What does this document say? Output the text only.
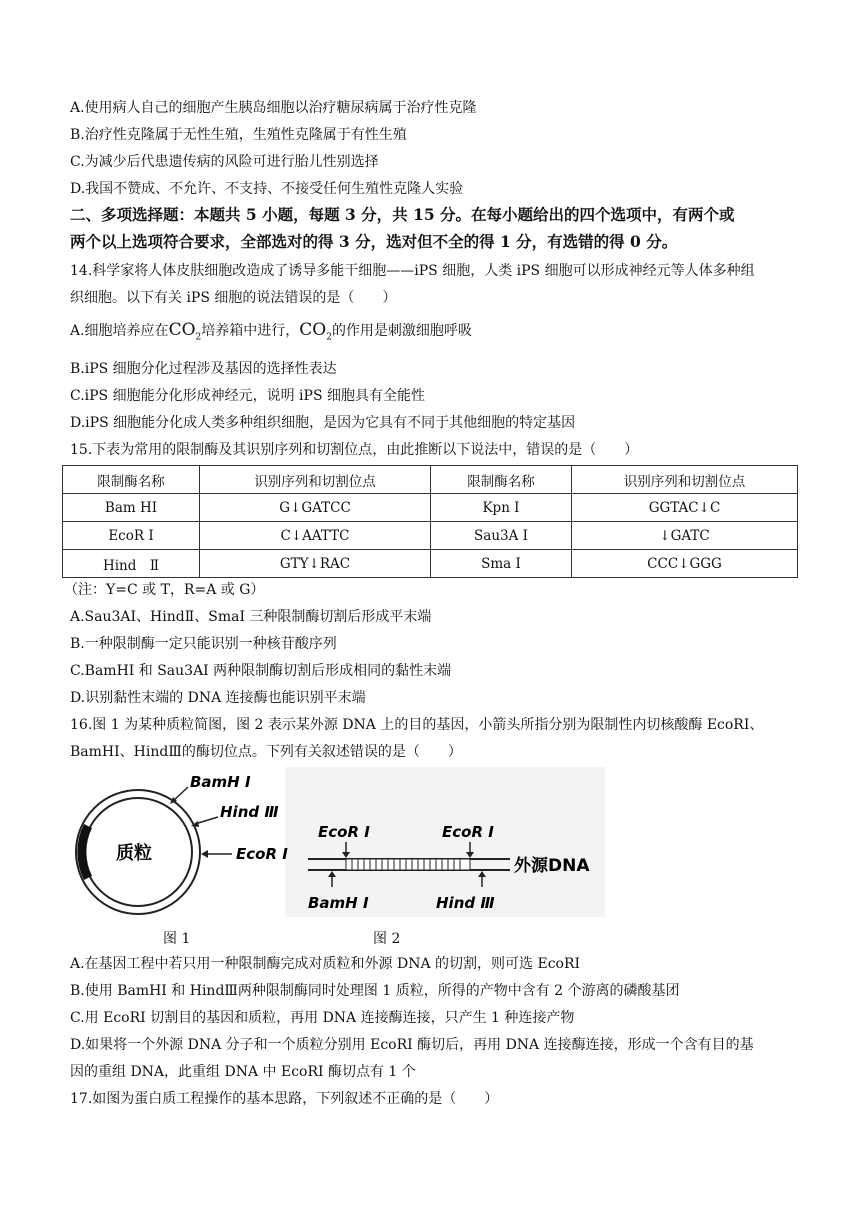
A.使用病人自己的细胞产生胰岛细胞以治疗糖尿病属于治疗性克隆
B.治疗性克隆属于无性生殖，生殖性克隆属于有性生殖
C.为减少后代患遗传病的风险可进行胎儿性别选择
D.我国不赞成、不允许、不支持、不接受任何生殖性克隆人实验
二、多项选择题：本题共 5 小题，每题 3 分，共 15 分。在每小题给出的四个选项中，有两个或
两个以上选项符合要求，全部选对的得 3 分，选对但不全的得 1 分，有选错的得 0 分。
14.科学家将人体皮肤细胞改造成了诱导多能干细胞——iPS 细胞，人类 iPS 细胞可以形成神经元等人体多种组
织细胞。以下有关 iPS 细胞的说法错误的是（　　）
A.细胞培养应在$CO_2$培养箱中进行，$CO_2$的作用是刺激细胞呼吸
B.iPS 细胞分化过程涉及基因的选择性表达
C.iPS 细胞能分化形成神经元，说明 iPS 细胞具有全能性
D.iPS 细胞能分化成人类多种组织细胞，是因为它具有不同于其他细胞的特定基因
15.下表为常用的限制酶及其识别序列和切割位点，由此推断以下说法中，错误的是（　　）
限制酶名称	识别序列和切割位点	限制酶名称	识别序列和切割位点
Bam HI	G↓GATCC	Kpn I	GGTAC↓C
EcoR I	C↓AATTC	Sau3A I	↓GATC
Hind　Ⅱ	GTY↓RAC	Sma I	CCC↓GGG
（注：Y=C 或 T，R=A 或 G）
A.Sau3AI、HindⅡ、SmaI 三种限制酶切割后形成平末端
B.一种限制酶一定只能识别一种核苷酸序列
C.BamHI 和 Sau3AI 两种限制酶切割后形成相同的黏性末端
D.识别黏性末端的 DNA 连接酶也能识别平末端
16.图 1 为某种质粒简图，图 2 表示某外源 DNA 上的目的基因，小箭头所指分别为限制性内切核酸酶 EcoRI、
BamHI、HindⅢ的酶切位点。下列有关叙述错误的是（　　）
质粒
BamH Ⅰ
Hind Ⅲ
EcoR Ⅰ
EcoR Ⅰ	EcoR Ⅰ
BamH Ⅰ	Hind Ⅲ
外源DNA
图 1	图 2
A.在基因工程中若只用一种限制酶完成对质粒和外源 DNA 的切割，则可选 EcoRI
B.使用 BamHI 和 HindⅢ两种限制酶同时处理图 1 质粒，所得的产物中含有 2 个游离的磷酸基团
C.用 EcoRI 切割目的基因和质粒，再用 DNA 连接酶连接，只产生 1 种连接产物
D.如果将一个外源 DNA 分子和一个质粒分别用 EcoRI 酶切后，再用 DNA 连接酶连接，形成一个含有目的基
因的重组 DNA，此重组 DNA 中 EcoRI 酶切点有 1 个
17.如图为蛋白质工程操作的基本思路，下列叙述不正确的是（　　）
